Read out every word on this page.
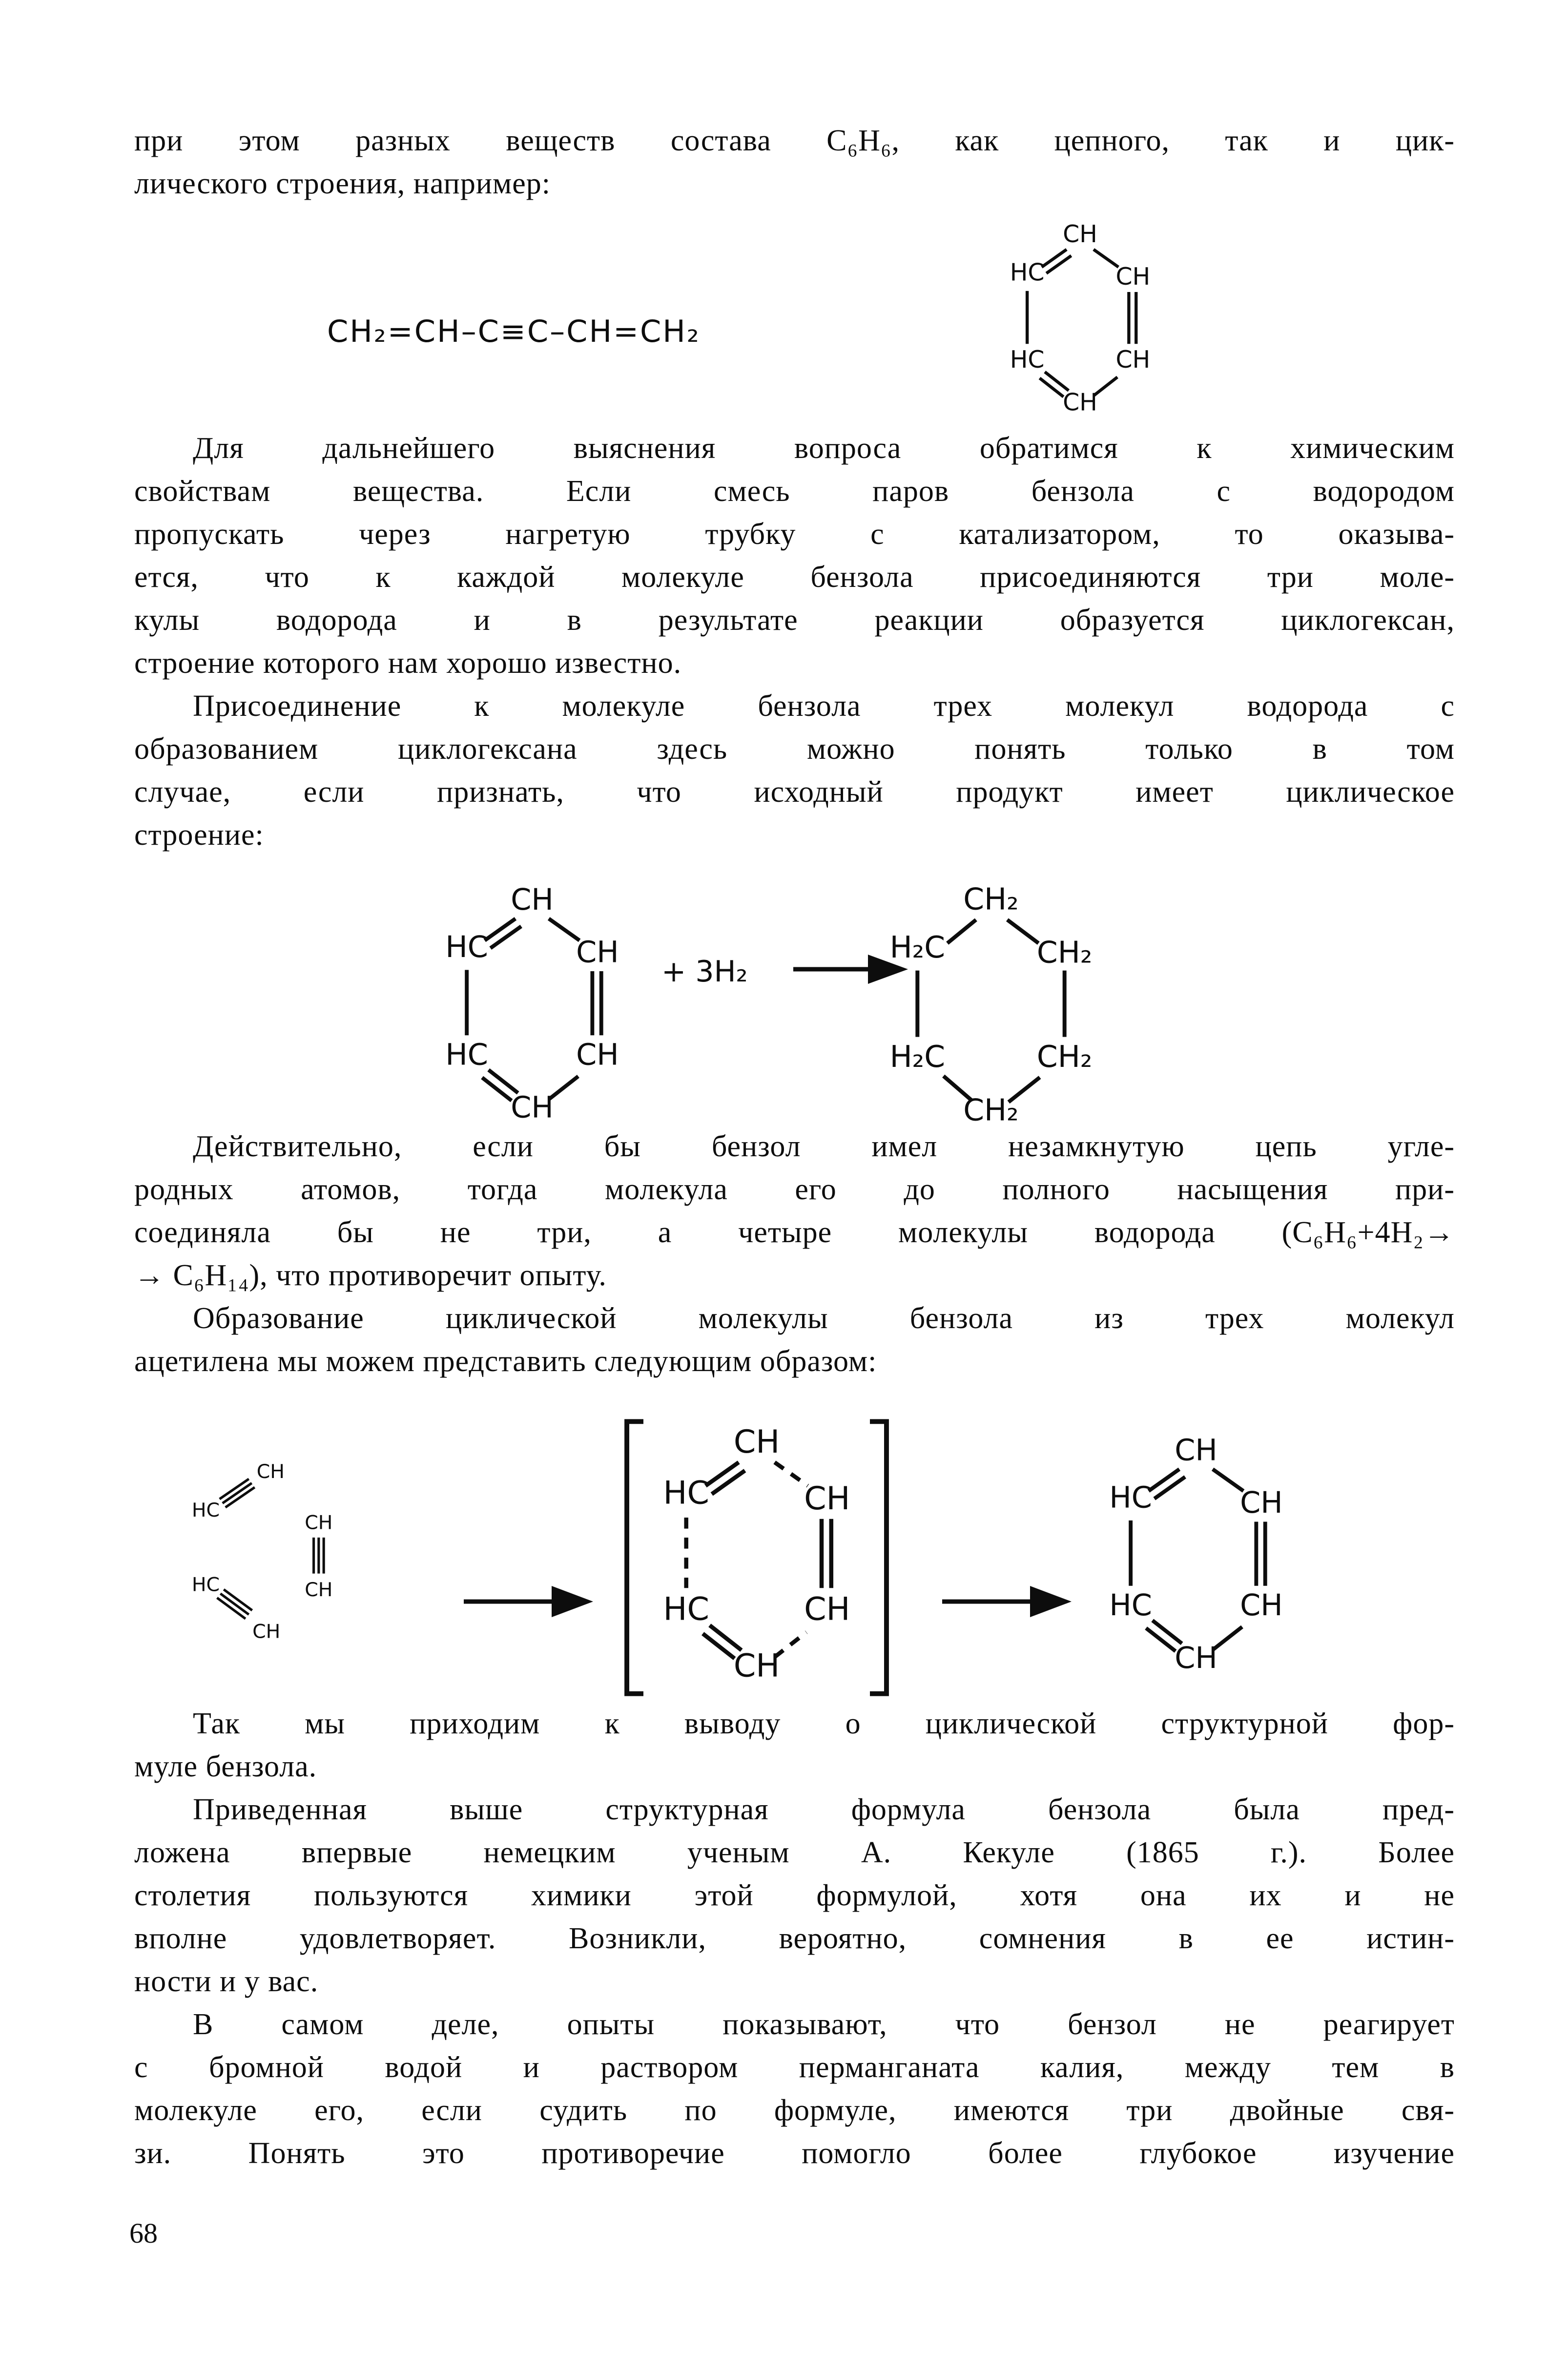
при этом разных веществ состава C₆H₆, как цепного, так и цик-
лического строения, например:
CH₂=CH–C≡C–CH=CH₂
CH
HC	CH
HC	CH
CH
Для дальнейшего выяснения вопроса обратимся к химическим
свойствам вещества. Если смесь паров бензола с водородом
пропускать через нагретую трубку с катализатором, то оказыва-
ется, что к каждой молекуле бензола присоединяются три моле-
кулы водорода и в результате реакции образуется циклогексан,
строение которого нам хорошо известно.
Присоединение к молекуле бензола трех молекул водорода с
образованием циклогексана здесь можно понять только в том
случае, если признать, что исходный продукт имеет циклическое
строение:
CH
HC	CH
HC	CH
CH
+ 3H₂
CH₂
H₂C	CH₂
H₂C	CH₂
CH₂
Действительно, если бы бензол имел незамкнутую цепь угле-
родных атомов, тогда молекула его до полного насыщения при-
соединяла бы не три, а четыре молекулы водорода (C₆H₆+4H₂→
→ C₆H₁₄), что противоречит опыту.
Образование циклической молекулы бензола из трех молекул
ацетилена мы можем представить следующим образом:
HC
CH
CH
CH
HC
CH
CH
HC	CH
HC	CH
CH
CH
HC	CH
HC	CH
CH
Так мы приходим к выводу о циклической структурной фор-
муле бензола.
Приведенная выше структурная формула бензола была пред-
ложена впервые немецким ученым А. Кекуле (1865 г.). Более
столетия пользуются химики этой формулой, хотя она их и не
вполне удовлетворяет. Возникли, вероятно, сомнения в ее истин-
ности и у вас.
В самом деле, опыты показывают, что бензол не реагирует
с бромной водой и раствором перманганата калия, между тем в
молекуле его, если судить по формуле, имеются три двойные свя-
зи. Понять это противоречие помогло более глубокое изучение
68
